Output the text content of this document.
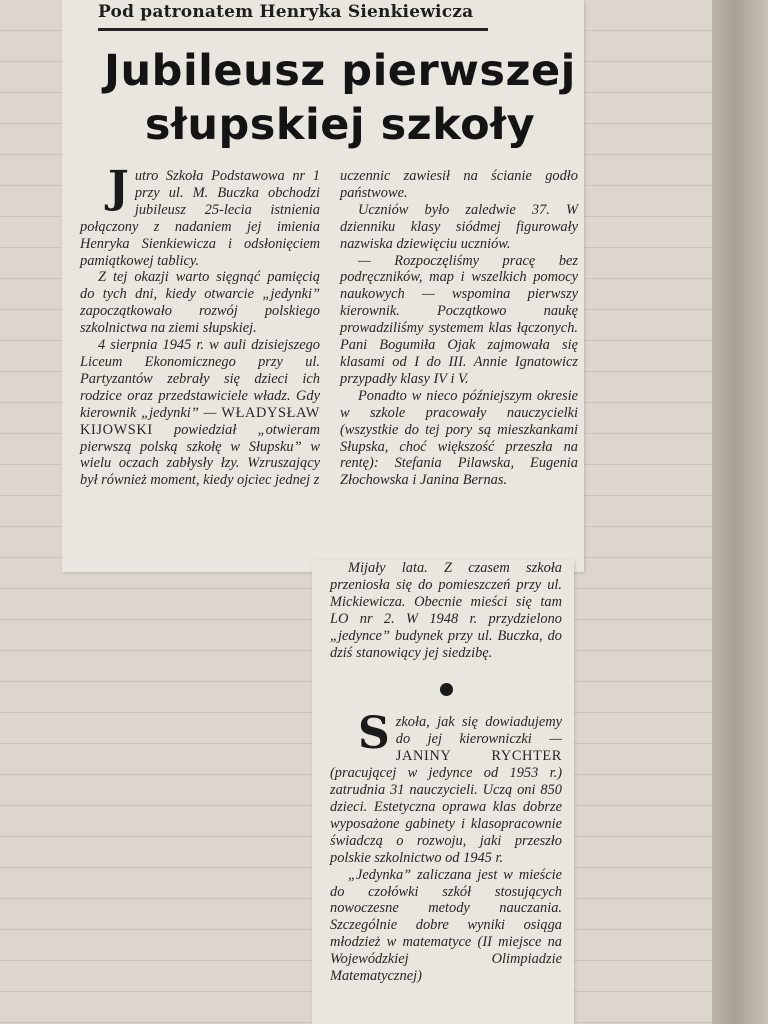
Pod patronatem Henryka Sienkiewicza
Jubileusz pierwszej
słupskiej szkoły

Jutro Szkoła Podstawowa nr 1 przy ul. M. Buczka obchodzi jubileusz 25-lecia istnienia połączony z nadaniem jej imienia Henryka Sienkiewicza i odsłonięciem pamiątkowej tablicy.

Z tej okazji warto sięgnąć pamięcią do tych dni, kiedy otwarcie „jedynki” zapoczątkowało rozwój polskiego szkolnictwa na ziemi słupskiej.

4 sierpnia 1945 r. w auli dzisiejszego Liceum Ekonomicznego przy ul. Partyzantów zebrały się dzieci ich rodzice oraz przedstawiciele władz. Gdy kierownik „jedynki” — WŁADYSŁAW KIJOWSKI powiedział „otwieram pierwszą polską szkołę w Słupsku” w wielu oczach zabłysły łzy. Wzruszający był również moment, kiedy ojciec jednej z

uczennic zawiesił na ścianie godło państwowe.

Uczniów było zaledwie 37. W dzienniku klasy siódmej figurowały nazwiska dziewięciu uczniów.

— Rozpoczęliśmy pracę bez podręczników, map i wszelkich pomocy naukowych — wspomina pierwszy kierownik. Początkowo naukę prowadziliśmy systemem klas łączonych. Pani Bogumiła Ojak zajmowała się klasami od I do III. Annie Ignatowicz przypadły klasy IV i V.

Ponadto w nieco późniejszym okresie w szkole pracowały nauczycielki (wszystkie do tej pory są mieszkankami Słupska, choć większość przeszła na rentę): Stefania Pilawska, Eugenia Złochowska i Janina Bernas.

Mijały lata. Z czasem szkoła przeniosła się do pomieszczeń przy ul. Mickiewicza. Obecnie mieści się tam LO nr 2. W 1948 r. przydzielono „jedynce” budynek przy ul. Buczka, do dziś stanowiący jej siedzibę.

Szkoła, jak się dowiadujemy do jej kierowniczki — JANINY RYCHTER (pracującej w jedynce od 1953 r.) zatrudnia 31 nauczycieli. Uczą oni 850 dzieci. Estetyczna oprawa klas dobrze wyposażone gabinety i klasopracownie świadczą o rozwoju, jaki przeszło polskie szkolnictwo od 1945 r.

„Jedynka” zaliczana jest w mieście do czołówki szkół stosujących nowoczesne metody nauczania. Szczególnie dobre wyniki osiąga młodzież w matematyce (II miejsce na Wojewódzkiej Olimpiadzie Matematycznej)
